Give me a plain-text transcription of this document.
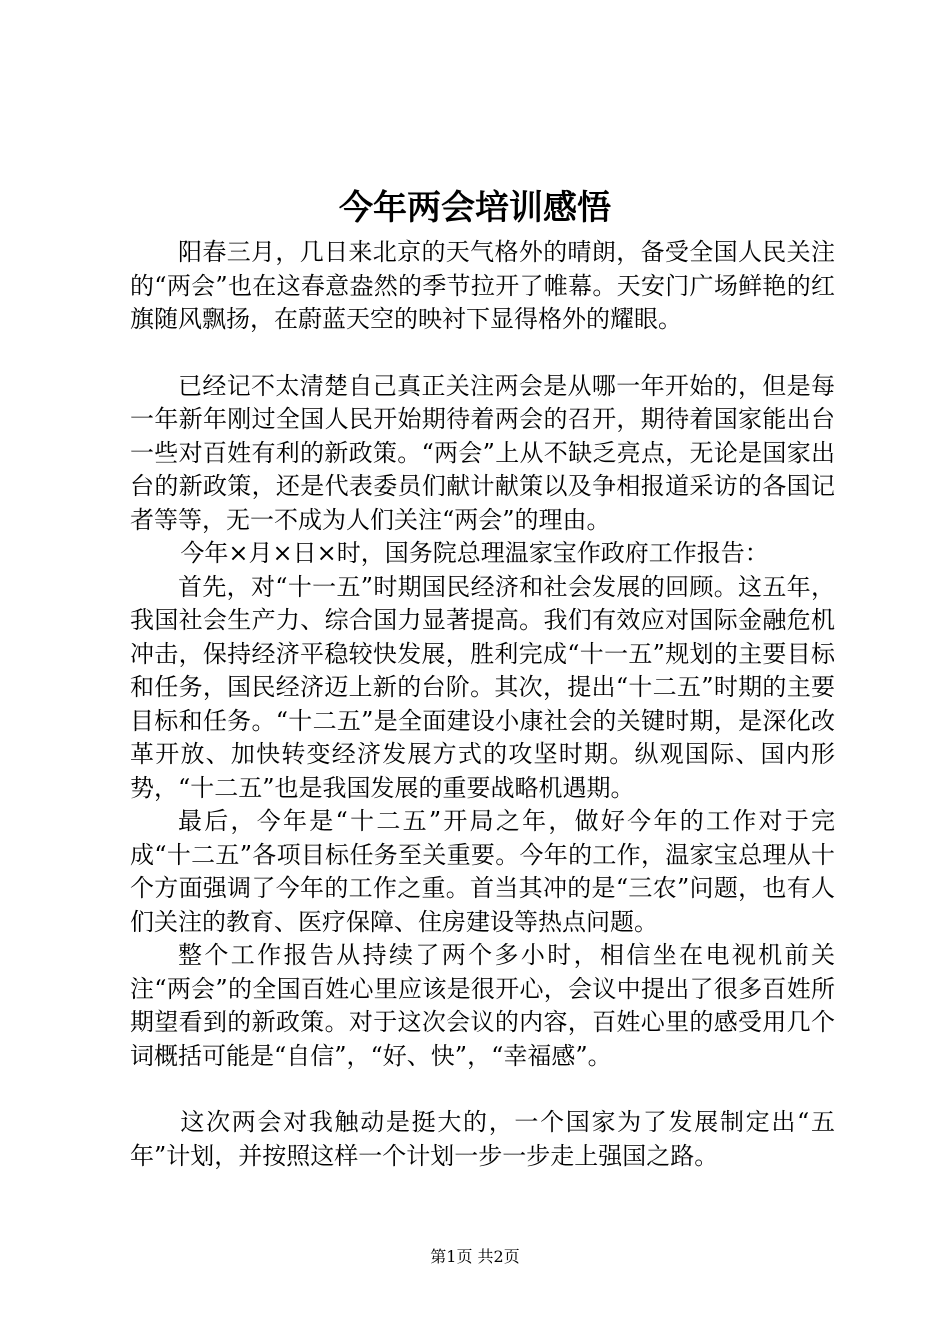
今年两会培训感悟

阳春三月，几日来北京的天气格外的晴朗，备受全国人民关注的“两会”也在这春意盎然的季节拉开了帷幕。天安门广场鲜艳的红旗随风飘扬，在蔚蓝天空的映衬下显得格外的耀眼。

已经记不太清楚自己真正关注两会是从哪一年开始的，但是每一年新年刚过全国人民开始期待着两会的召开，期待着国家能出台一些对百姓有利的新政策。“两会”上从不缺乏亮点，无论是国家出台的新政策，还是代表委员们献计献策以及争相报道采访的各国记者等等，无一不成为人们关注“两会”的理由。

今年×月×日×时，国务院总理温家宝作政府工作报告：

首先，对“十一五”时期国民经济和社会发展的回顾。这五年，我国社会生产力、综合国力显著提高。我们有效应对国际金融危机冲击，保持经济平稳较快发展，胜利完成“十一五”规划的主要目标和任务，国民经济迈上新的台阶。其次，提出“十二五”时期的主要目标和任务。“十二五”是全面建设小康社会的关键时期，是深化改革开放、加快转变经济发展方式的攻坚时期。纵观国际、国内形势，“十二五”也是我国发展的重要战略机遇期。

最后，今年是“十二五”开局之年，做好今年的工作对于完成“十二五”各项目标任务至关重要。今年的工作，温家宝总理从十个方面强调了今年的工作之重。首当其冲的是“三农”问题，也有人们关注的教育、医疗保障、住房建设等热点问题。

整个工作报告从持续了两个多小时，相信坐在电视机前关注“两会”的全国百姓心里应该是很开心，会议中提出了很多百姓所期望看到的新政策。对于这次会议的内容，百姓心里的感受用几个词概括可能是“自信”，“好、快”，“幸福感”。

这次两会对我触动是挺大的，一个国家为了发展制定出“五年”计划，并按照这样一个计划一步一步走上强国之路。

第1页 共2页
